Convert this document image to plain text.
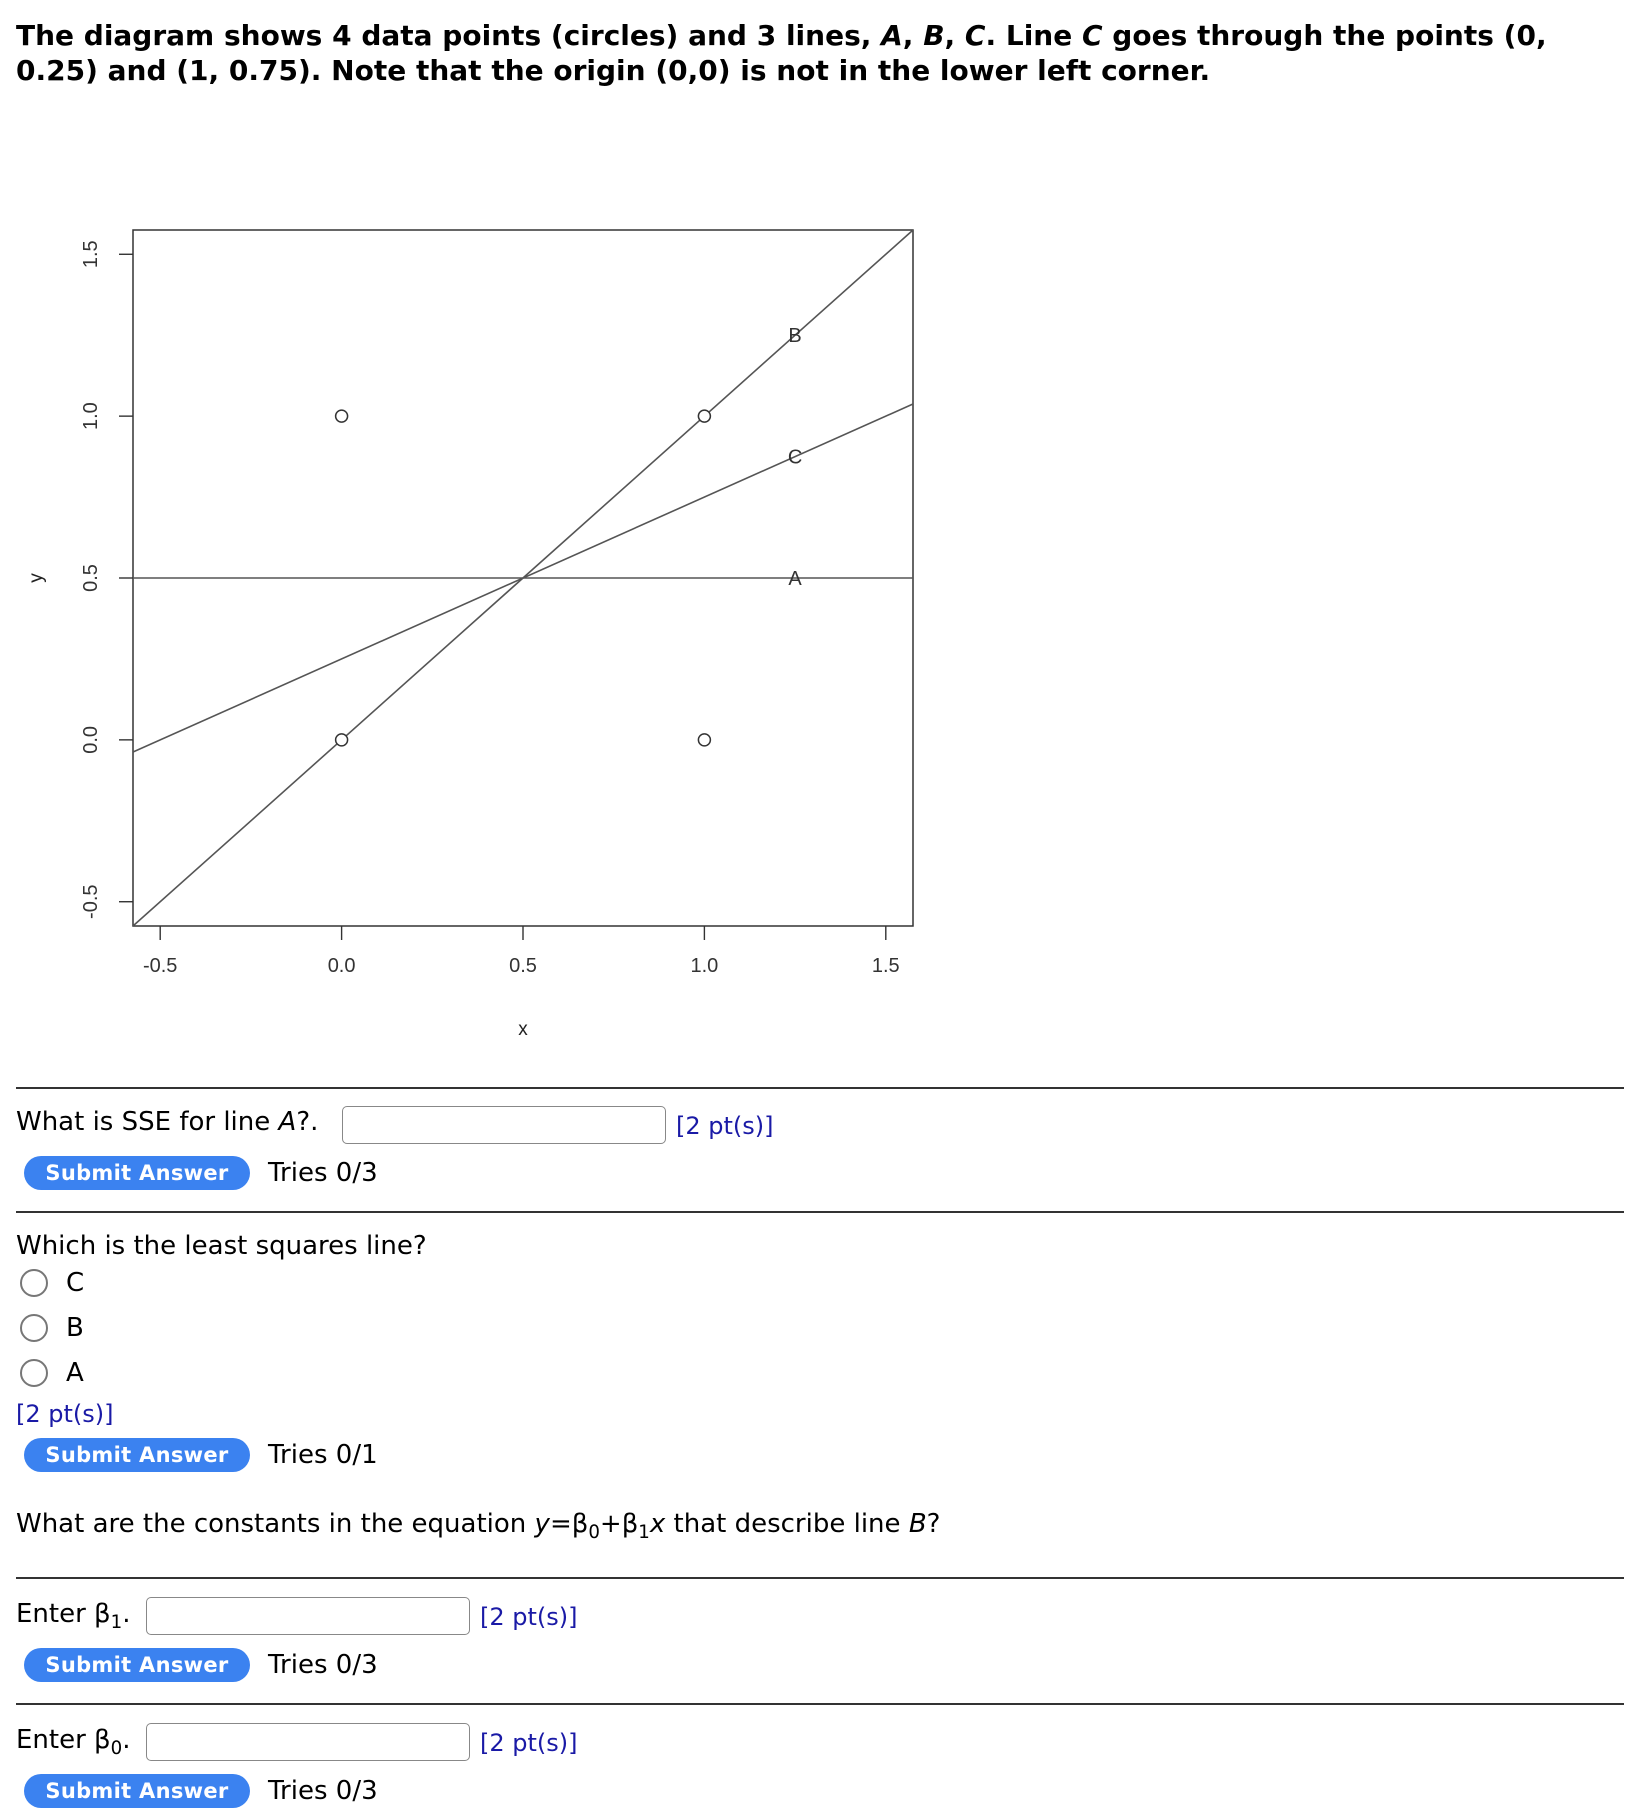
The diagram shows 4 data points (circles) and 3 lines, A, B, C. Line C goes through the points (0, 0.25) and (1, 0.75). Note that the origin (0,0) is not in the lower left corner.
-0.5	0.0	0.5	1.0	1.5
-0.5
0.0
0.5
1.0
1.5
A
B
C
x
y
What is SSE for line A?.	[2 pt(s)]
Submit Answer	Tries 0/3
Which is the least squares line?
C
B
A
[2 pt(s)]
Submit Answer	Tries 0/1
What are the constants in the equation $y=\beta_0+\beta_1x$ that describe line B?
Enter $\beta_1$.	[2 pt(s)]
Submit Answer	Tries 0/3
Enter $\beta_0$.	[2 pt(s)]
Submit Answer	Tries 0/3
